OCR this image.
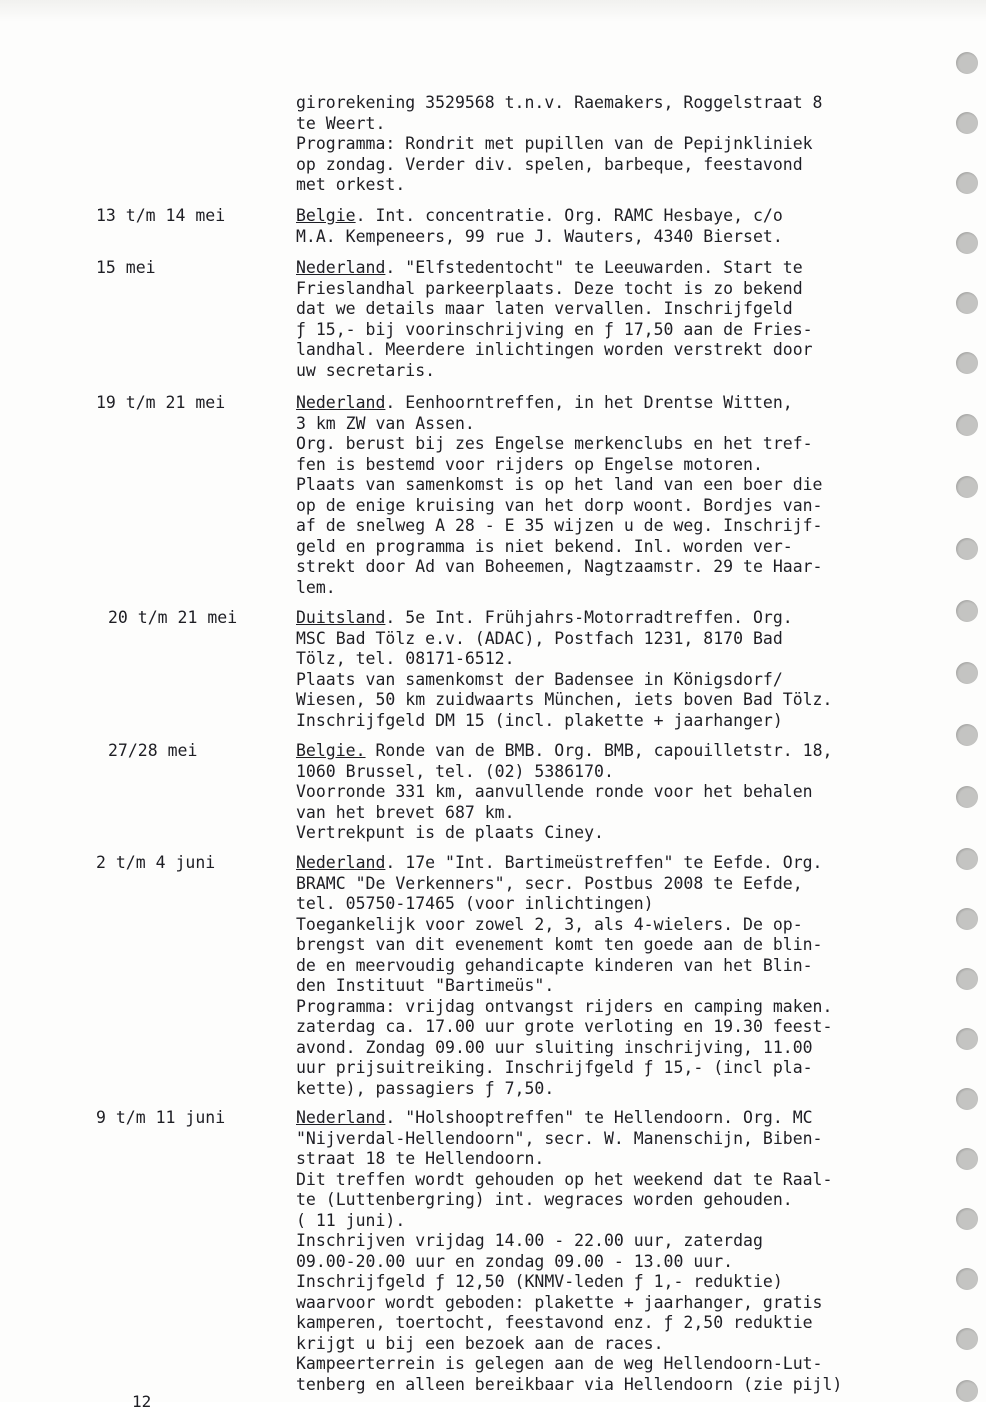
girorekening 3529568 t.n.v. Raemakers, Roggelstraat 8
te Weert.
Programma: Rondrit met pupillen van de Pepijnkliniek
op zondag. Verder div. spelen, barbeque, feestavond
met orkest.
13 t/m 14 mei	Belgie. Int. concentratie. Org. RAMC Hesbaye, c/o
M.A. Kempeneers, 99 rue J. Wauters, 4340 Bierset.
15 mei	Nederland. "Elfstedentocht" te Leeuwarden. Start te
Frieslandhal parkeerplaats. Deze tocht is zo bekend
dat we details maar laten vervallen. Inschrijfgeld
ƒ 15,- bij voorinschrijving en ƒ 17,50 aan de Fries-
landhal. Meerdere inlichtingen worden verstrekt door
uw secretaris.
19 t/m 21 mei	Nederland. Eenhoorntreffen, in het Drentse Witten,
3 km ZW van Assen.
Org. berust bij zes Engelse merkenclubs en het tref-
fen is bestemd voor rijders op Engelse motoren.
Plaats van samenkomst is op het land van een boer die
op de enige kruising van het dorp woont. Bordjes van-
af de snelweg A 28 - E 35 wijzen u de weg. Inschrijf-
geld en programma is niet bekend. Inl. worden ver-
strekt door Ad van Boheemen, Nagtzaamstr. 29 te Haar-
lem.
20 t/m 21 mei	Duitsland. 5e Int. Frühjahrs-Motorradtreffen. Org.
MSC Bad Tölz e.v. (ADAC), Postfach 1231, 8170 Bad
Tölz, tel. 08171-6512.
Plaats van samenkomst der Badensee in Königsdorf/
Wiesen, 50 km zuidwaarts München, iets boven Bad Tölz.
Inschrijfgeld DM 15 (incl. plakette + jaarhanger)
27/28 mei	Belgie. Ronde van de BMB. Org. BMB, capouilletstr. 18,
1060 Brussel, tel. (02) 5386170.
Voorronde 331 km, aanvullende ronde voor het behalen
van het brevet 687 km.
Vertrekpunt is de plaats Ciney.
2 t/m 4 juni	Nederland. 17e "Int. Bartimeüstreffen" te Eefde. Org.
BRAMC "De Verkenners", secr. Postbus 2008 te Eefde,
tel. 05750-17465 (voor inlichtingen)
Toegankelijk voor zowel 2, 3, als 4-wielers. De op-
brengst van dit evenement komt ten goede aan de blin-
de en meervoudig gehandicapte kinderen van het Blin-
den Instituut "Bartimeüs".
Programma: vrijdag ontvangst rijders en camping maken.
zaterdag ca. 17.00 uur grote verloting en 19.30 feest-
avond. Zondag 09.00 uur sluiting inschrijving, 11.00
uur prijsuitreiking. Inschrijfgeld ƒ 15,- (incl pla-
kette), passagiers ƒ 7,50.
9 t/m 11 juni	Nederland. "Holshooptreffen" te Hellendoorn. Org. MC
"Nijverdal-Hellendoorn", secr. W. Manenschijn, Biben-
straat 18 te Hellendoorn.
Dit treffen wordt gehouden op het weekend dat te Raal-
te (Luttenbergring) int. wegraces worden gehouden.
( 11 juni).
Inschrijven vrijdag 14.00 - 22.00 uur, zaterdag
09.00-20.00 uur en zondag 09.00 - 13.00 uur.
Inschrijfgeld ƒ 12,50 (KNMV-leden ƒ 1,- reduktie)
waarvoor wordt geboden: plakette + jaarhanger, gratis
kamperen, toertocht, feestavond enz. ƒ 2,50 reduktie
krijgt u bij een bezoek aan de races.
Kampeerterrein is gelegen aan de weg Hellendoorn-Lut-
tenberg en alleen bereikbaar via Hellendoorn (zie pijl)
12
